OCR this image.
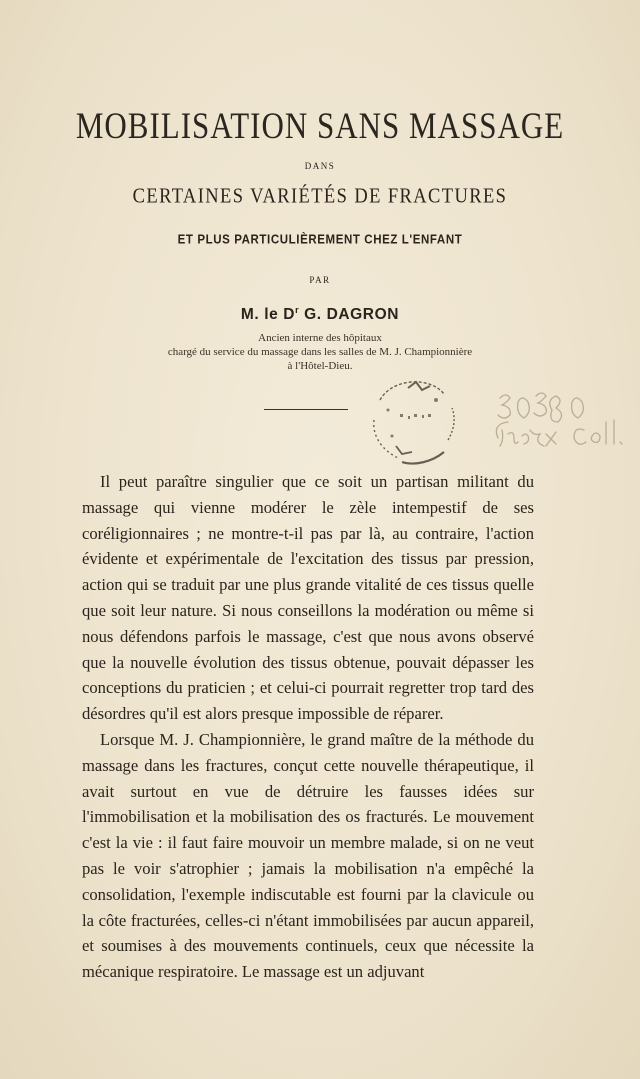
MOBILISATION SANS MASSAGE
DANS
CERTAINES VARIÉTÉS DE FRACTURES
ET PLUS PARTICULIÈREMENT CHEZ L'ENFANT
PAR
M. le $D^r$ G. DAGRON
Ancien interne des hôpitaux
chargé du service du massage dans les salles de M. J. Championnière
à l'Hôtel-Dieu.

Il peut paraître singulier que ce soit un partisan militant du massage qui vienne modérer le zèle intempestif de ses coréligionnaires ; ne montre-t-il pas par là, au contraire, l'action évidente et expérimentale de l'excitation des tissus par pression, action qui se traduit par une plus grande vitalité de ces tissus quelle que soit leur nature. Si nous conseillons la modération ou même si nous défendons parfois le massage, c'est que nous avons observé que la nouvelle évolution des tissus obtenue, pouvait dépasser les conceptions du praticien ; et celui-ci pourrait regretter trop tard des désordres qu'il est alors presque impossible de réparer.

Lorsque M. J. Championnière, le grand maître de la méthode du massage dans les fractures, conçut cette nouvelle thérapeutique, il avait surtout en vue de détruire les fausses idées sur l'immobilisation et la mobilisation des os fracturés. Le mouvement c'est la vie : il faut faire mouvoir un membre malade, si on ne veut pas le voir s'atrophier ; jamais la mobilisation n'a empêché la consolidation, l'exemple indiscutable est fourni par la clavicule ou la côte fracturées, celles-ci n'étant immobilisées par aucun appareil, et soumises à des mouvements continuels, ceux que nécessite la mécanique respiratoire. Le massage est un adjuvant
